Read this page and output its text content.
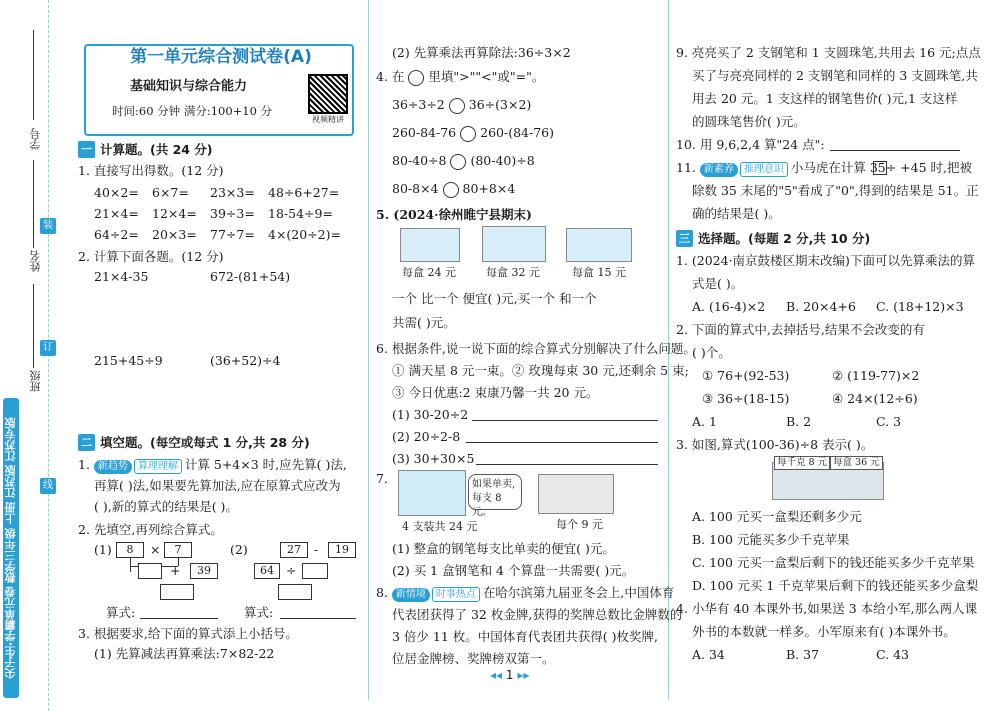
学号
姓名
班级
装
订
线
尖子生·学霸单元卷 数学三年级 上册 江苏版 江苏专版
第一单元综合测试卷(A)
基础知识与综合能力
时间:60 分钟 满分:100+10 分
视频精讲
一 计算题。(共 24 分)
1. 直接写出得数。(12 分)
40×2= 6×7= 23×3= 48÷6+27=
21×4= 12×4= 39÷3= 18-54÷9=
64÷2= 20×3= 77÷7= 4×(20÷2)=
2. 计算下面各题。(12 分)
21×4-35	672-(81+54)
215+45÷9	(36+52)÷4
二 填空题。(每空或每式 1 分,共 28 分)
1. 新趋势 算理理解 计算 5+4×3 时,应先算( )法,
再算( )法,如果要先算加法,应在原算式应改为
( ),新的算式的结果是( )。
2. 先填空,再列综合算式。
(1)	8	×	7
+	39
(2)	27	-	19
64 ÷
算式:	算式:
3. 根据要求,给下面的算式添上小括号。
(1) 先算减法再算乘法:7×82-22
(2) 先算乘法再算除法:36÷3×2
4. 在 里填">""<"或"="。
36÷3÷2 36÷(3×2)
260-84-76 260-(84-76)
80-40÷8 (80-40)÷8
80-8×4 80+8×4
5. (2024·徐州睢宁县期末)
每盒 24 元	每盒 32 元	每盒 15 元
一个 比一个 便宜( )元,买一个 和一个
共需( )元。
6. 根据条件,说一说下面的综合算式分别解决了什么问题。
① 满天星 8 元一束。② 玫瑰每束 30 元,还剩余 5 束;
③ 今日优惠:2 束康乃馨一共 20 元。
(1) 30-20÷2
(2) 20÷2-8
(3) 30+30×5
7.	如果单卖,
每支 8 元。
4 支装共 24 元	每个 9 元
(1) 整盒的钢笔每支比单卖的便宜( )元。
(2) 买 1 盒钢笔和 4 个算盘一共需要( )元。
8. 新情境 时事热点 在哈尔滨第九届亚冬会上,中国体育
代表团获得了 32 枚金牌,获得的奖牌总数比金牌数的
3 倍少 11 枚。中国体育代表团共获得( )枚奖牌,
位居金牌榜、奖牌榜双第一。
9. 亮亮买了 2 支钢笔和 1 支圆珠笔,共用去 16 元;点点
买了与亮亮同样的 2 支钢笔和同样的 3 支圆珠笔,共
用去 20 元。1 支这样的钢笔售价( )元,1 支这样
的圆珠笔售价( )元。
10. 用 9,6,2,4 算"24 点":
11. 新素养 推理意识 小马虎在计算 35÷ +45 时,把被
除数 35 末尾的"5"看成了"0",得到的结果是 51。正
确的结果是( )。
三 选择题。(每题 2 分,共 10 分)
1. (2024·南京鼓楼区期末改编)下面可以先算乘法的算
式是( )。
A. (16-4)×2 B. 20×4+6 C. (18+12)×3
2. 下面的算式中,去掉括号,结果不会改变的有
( )个。
① 76+(92-53)	② (119-77)×2
③ 36÷(18-15)	④ 24×(12÷6)
A. 1	B. 2	C. 3
3. 如图,算式(100-36)÷8 表示( )。
每千克 8 元 每盒 36 元
A. 100 元买一盒梨还剩多少元
B. 100 元能买多少千克苹果
C. 100 元买一盒梨后剩下的钱还能买多少千克苹果
D. 100 元买 1 千克苹果后剩下的钱还能买多少盒梨
4. 小华有 40 本课外书,如果送 3 本给小军,那么两人课
外书的本数就一样多。小军原来有( )本课外书。
A. 34	B. 37	C. 43
◂◂ 1 ▸▸
